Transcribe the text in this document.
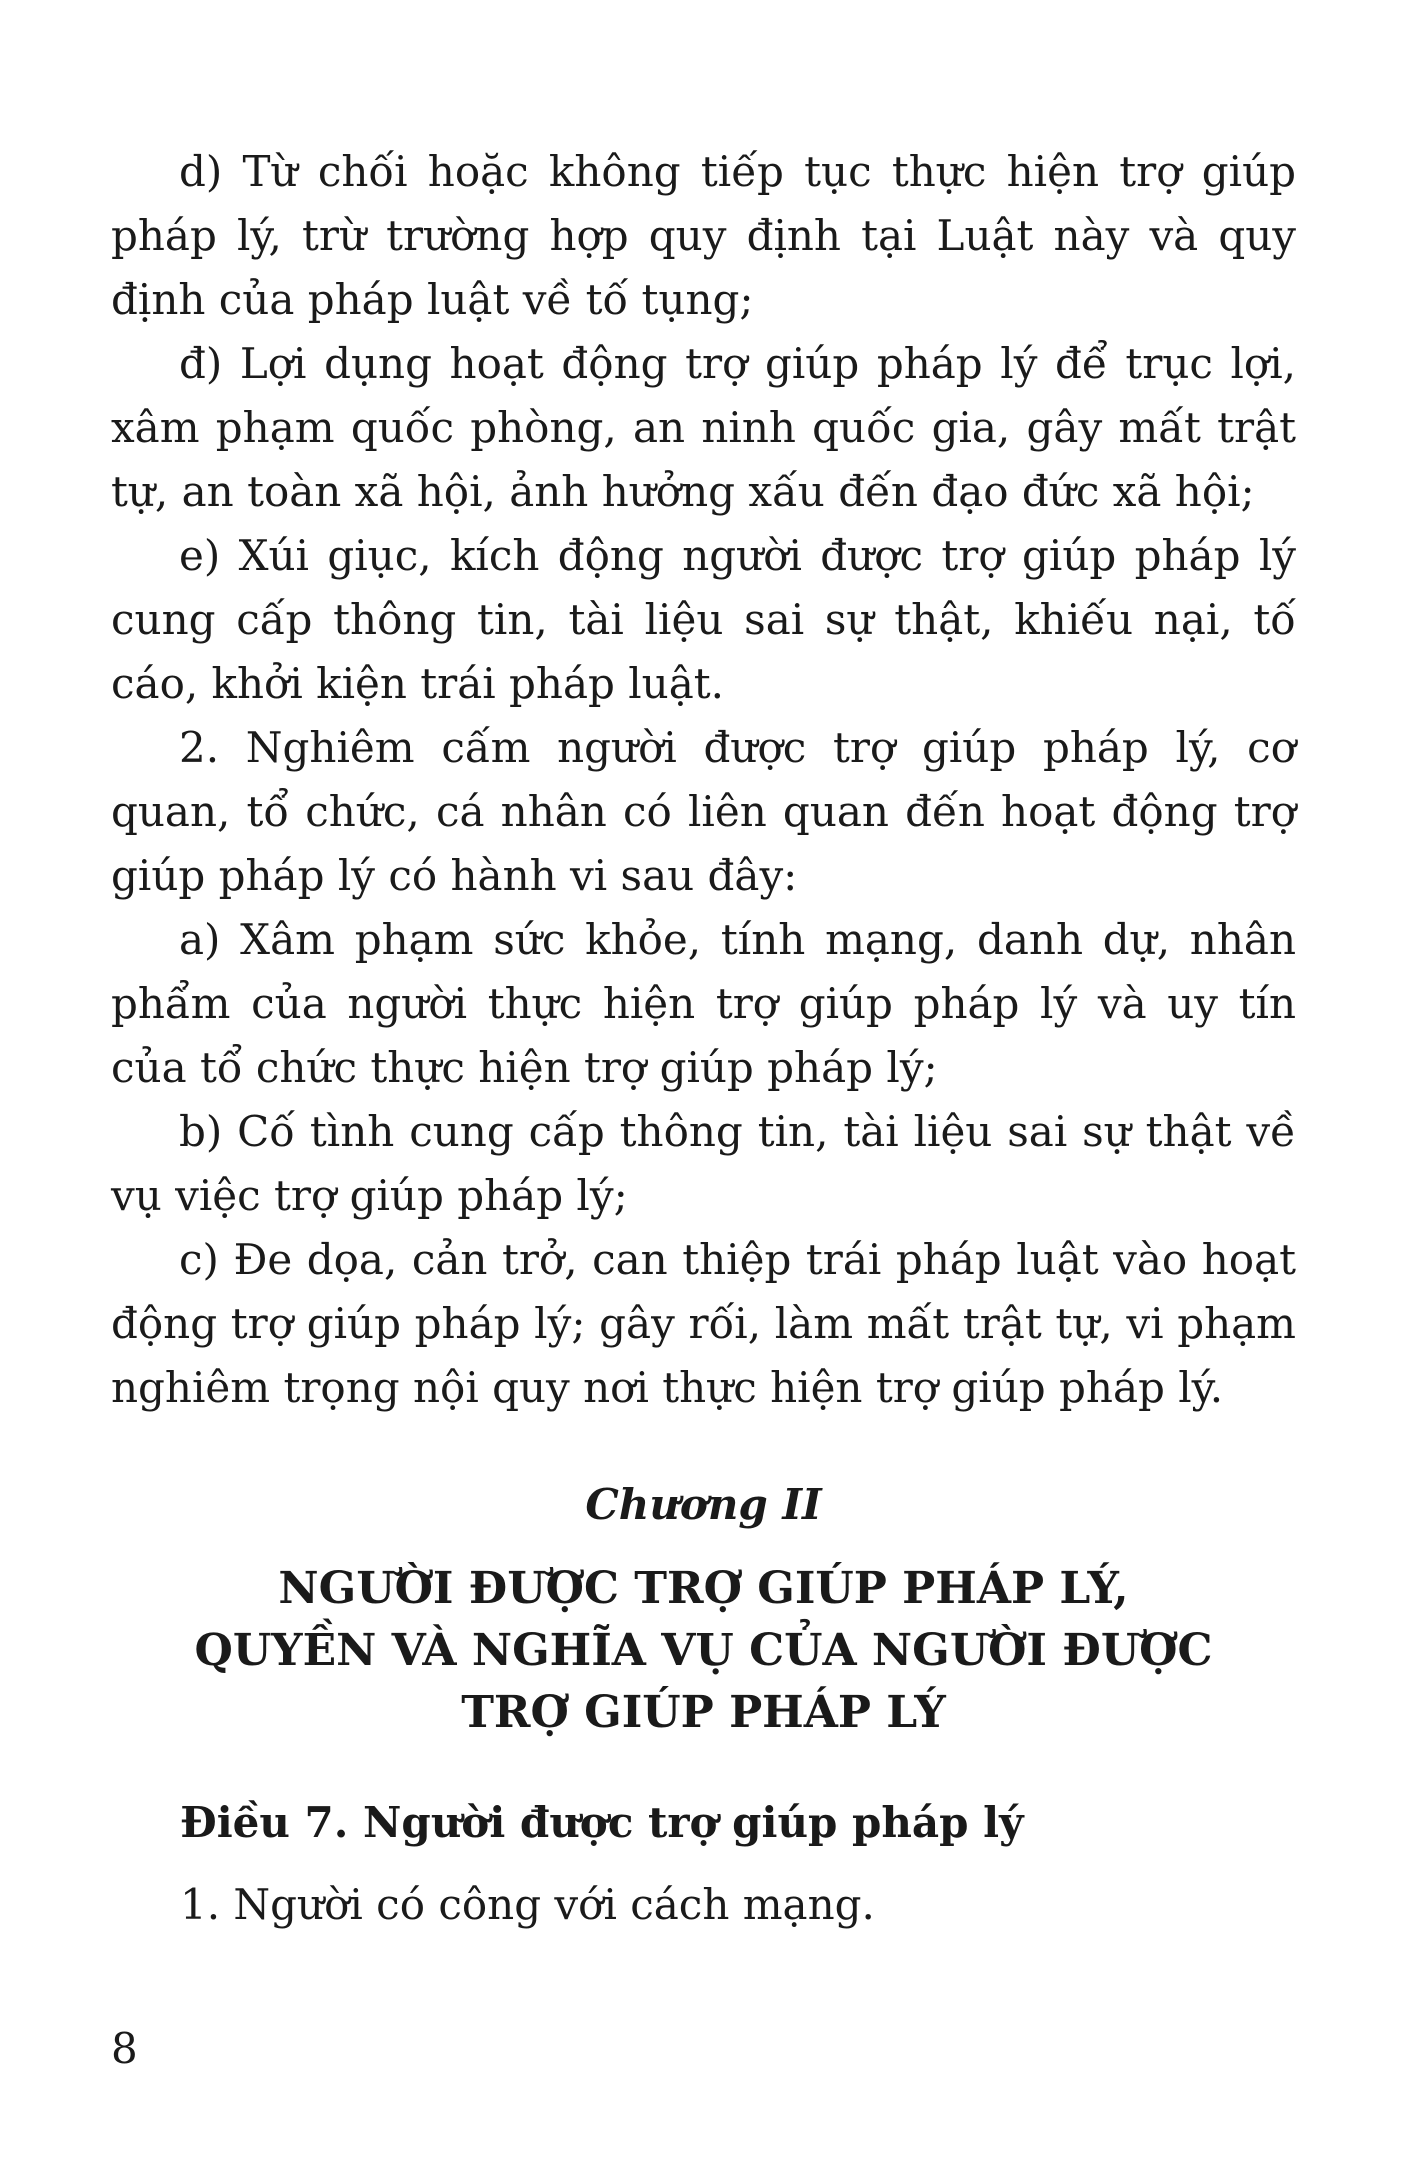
d) Từ chối hoặc không tiếp tục thực hiện trợ giúp pháp lý, trừ trường hợp quy định tại Luật này và quy định của pháp luật về tố tụng;

đ) Lợi dụng hoạt động trợ giúp pháp lý để trục lợi, xâm phạm quốc phòng, an ninh quốc gia, gây mất trật tự, an toàn xã hội, ảnh hưởng xấu đến đạo đức xã hội;

e) Xúi giục, kích động người được trợ giúp pháp lý cung cấp thông tin, tài liệu sai sự thật, khiếu nại, tố cáo, khởi kiện trái pháp luật.

2. Nghiêm cấm người được trợ giúp pháp lý, cơ quan, tổ chức, cá nhân có liên quan đến hoạt động trợ giúp pháp lý có hành vi sau đây:

a) Xâm phạm sức khỏe, tính mạng, danh dự, nhân phẩm của người thực hiện trợ giúp pháp lý và uy tín của tổ chức thực hiện trợ giúp pháp lý;

b) Cố tình cung cấp thông tin, tài liệu sai sự thật về vụ việc trợ giúp pháp lý;

c) Đe dọa, cản trở, can thiệp trái pháp luật vào hoạt động trợ giúp pháp lý; gây rối, làm mất trật tự, vi phạm nghiêm trọng nội quy nơi thực hiện trợ giúp pháp lý.

Chương II
NGƯỜI ĐƯỢC TRỢ GIÚP PHÁP LÝ,
QUYỀN VÀ NGHĨA VỤ CỦA NGƯỜI ĐƯỢC
TRỢ GIÚP PHÁP LÝ
Điều 7. Người được trợ giúp pháp lý
1. Người có công với cách mạng.
8
